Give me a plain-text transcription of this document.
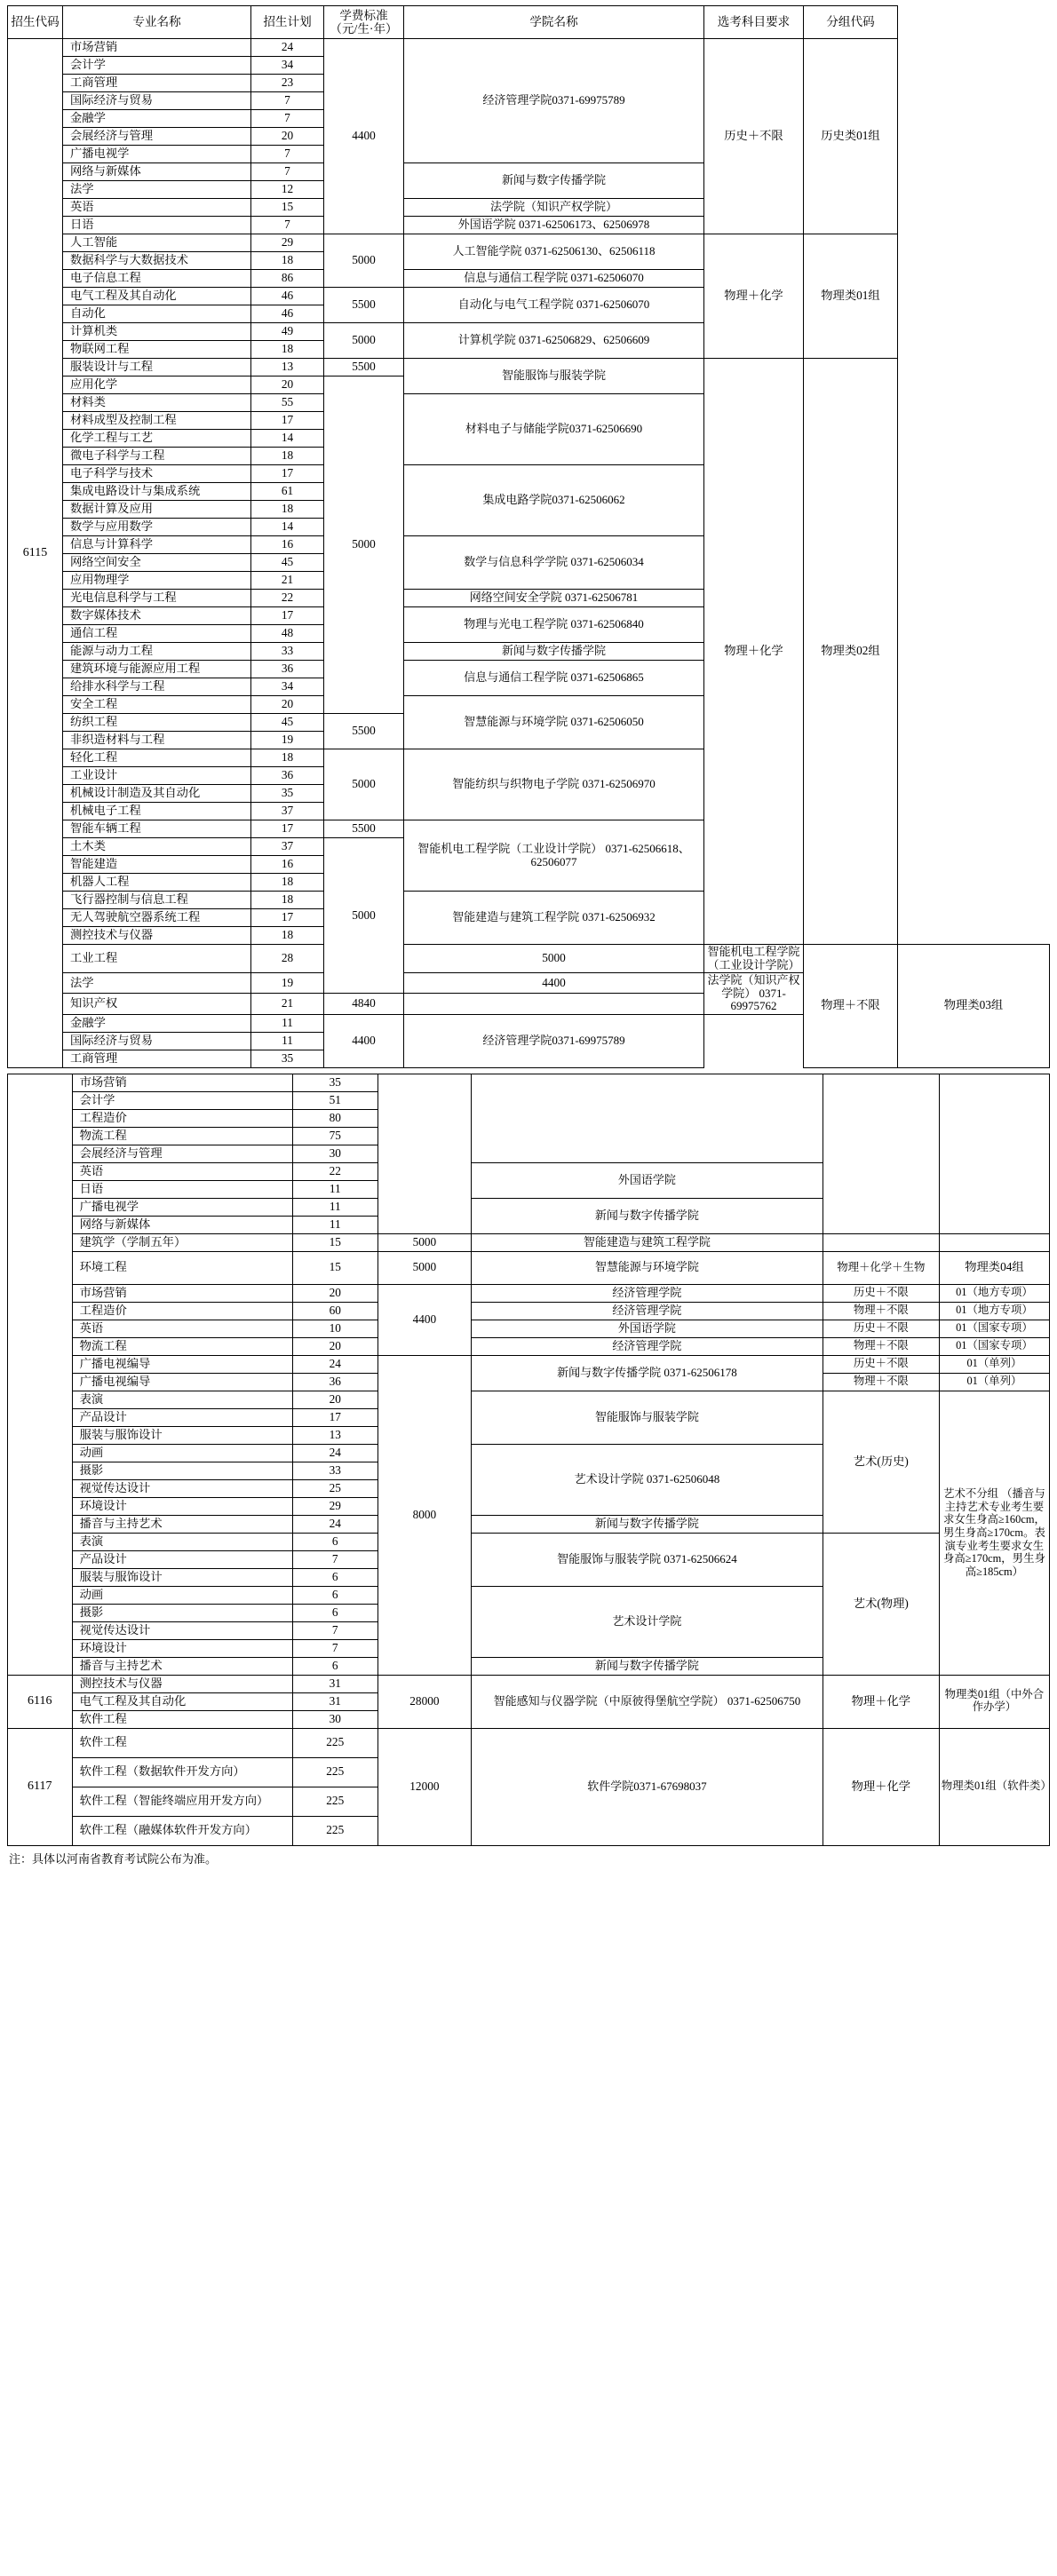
招生代码	专业名称	招生计划	学费标准（元/生·年）	学院名称	选考科目要求	分组代码	
6115	市场营销	24	4400	经济管理学院0371-69975789	历史＋不限	历史类01组	
	会计学	34					
	工商管理	23					
	国际经济与贸易	7					
	金融学	7					
	会展经济与管理	20					
	广播电视学	7					
	网络与新媒体	7		新闻与数字传播学院			
	法学	12					
	英语	15		法学院（知识产权学院）			
	日语	7		外国语学院 0371-62506173、62506978			
	人工智能	29	5000	人工智能学院 0371-62506130、62506118	物理＋化学	物理类01组	
	数据科学与大数据技术	18					
	电子信息工程	86		信息与通信工程学院 0371-62506070			
	电气工程及其自动化	46	5500	自动化与电气工程学院 0371-62506070			
	自动化	46					
	计算机类	49	5000	计算机学院 0371-62506829、62506609			
	物联网工程	18					
	服装设计与工程	13	5500	智能服饰与服装学院	物理＋化学	物理类02组	
	应用化学	20	5000				
	材料类	55		材料电子与储能学院0371-62506690			
	材料成型及控制工程	17					
	化学工程与工艺	14					
	微电子科学与工程	18					
	电子科学与技术	17		集成电路学院0371-62506062			
	集成电路设计与集成系统	61					
	数据计算及应用	18					
	数学与应用数学	14					
	信息与计算科学	16		数学与信息科学学院 0371-62506034			
	网络空间安全	45					
	应用物理学	21					
	光电信息科学与工程	22		网络空间安全学院 0371-62506781			
	数字媒体技术	17		物理与光电工程学院 0371-62506840			
	通信工程	48					
	能源与动力工程	33		新闻与数字传播学院			
	建筑环境与能源应用工程	36		信息与通信工程学院 0371-62506865			
	给排水科学与工程	34					
	安全工程	20		智慧能源与环境学院 0371-62506050			
	纺织工程	45	5500				
	非织造材料与工程	19					
	轻化工程	18	5000	智能纺织与织物电子学院 0371-62506970			
	工业设计	36					
	机械设计制造及其自动化	35					
	机械电子工程	37					
	智能车辆工程	17	5500	智能机电工程学院（工业设计学院） 0371-62506618、62506077			
	土木类	37	5000				
	智能建造	16					
	机器人工程	18					
	飞行器控制与信息工程	18		智能建造与建筑工程学院 0371-62506932			
	无人驾驶航空器系统工程	17					
	测控技术与仪器	18					
	工业工程	28		5000	智能机电工程学院（工业设计学院）	物理＋不限	物理类03组
	法学	19		4400	法学院（知识产权学院） 0371-69975762		
	知识产权	21	4840				
	金融学	11	4400	经济管理学院0371-69975789			
	国际经济与贸易	11					
	工商管理	35					
	市场营销	35				
	会计学	51				
	工程造价	80				
	物流工程	75				
	会展经济与管理	30				
	英语	22		外国语学院		
	日语	11				
	广播电视学	11		新闻与数字传播学院		
	网络与新媒体	11				
	建筑学（学制五年）	15	5000	智能建造与建筑工程学院		
	环境工程	15	5000	智慧能源与环境学院	物理＋化学＋生物	物理类04组
	市场营销	20	4400	经济管理学院	历史＋不限	01（地方专项）
	工程造价	60		经济管理学院	物理＋不限	01（地方专项）
	英语	10		外国语学院	历史＋不限	01（国家专项）
	物流工程	20		经济管理学院	物理＋不限	01（国家专项）
	广播电视编导	24	8000	新闻与数字传播学院 0371-62506178	历史＋不限	01（单列）
	广播电视编导	36			物理＋不限	01（单列）
	表演	20		智能服饰与服装学院	艺术(历史)	艺术不分组 （播音与主持艺术专业考生要求女生身高≥160cm，男生身高≥170cm。表演专业考生要求女生身高≥170cm，男生身高≥185cm）
	产品设计	17				
	服装与服饰设计	13				
	动画	24		艺术设计学院 0371-62506048		
	摄影	33				
	视觉传达设计	25				
	环境设计	29				
	播音与主持艺术	24		新闻与数字传播学院		
	表演	6		智能服饰与服装学院 0371-62506624	艺术(物理)	
	产品设计	7				
	服装与服饰设计	6				
	动画	6		艺术设计学院		
	摄影	6				
	视觉传达设计	7				
	环境设计	7				
	播音与主持艺术	6		新闻与数字传播学院		
6116	测控技术与仪器	31	28000	智能感知与仪器学院（中原彼得堡航空学院） 0371-62506750	物理＋化学	物理类01组（中外合作办学）
	电气工程及其自动化	31				
	软件工程	30				
6117	软件工程	225	12000	软件学院0371-67698037	物理＋化学	物理类01组（软件类）
	软件工程（数据软件开发方向）	225				
	软件工程（智能终端应用开发方向）	225				
	软件工程（融媒体软件开发方向）	225				
注：具体以河南省教育考试院公布为准。
